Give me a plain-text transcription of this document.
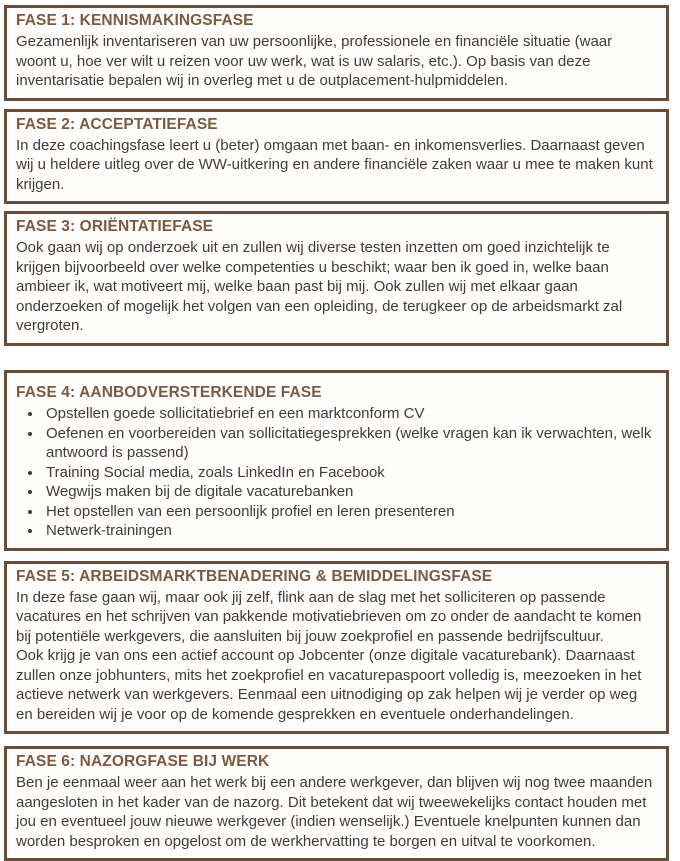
FASE 1: KENNISMAKINGSFASE

Gezamenlijk inventariseren van uw persoonlijke, professionele en financiële situatie (waar woont u, hoe ver wilt u reizen voor uw werk, wat is uw salaris, etc.). Op basis van deze inventarisatie bepalen wij in overleg met u de outplacement-hulpmiddelen.

FASE 2: ACCEPTATIEFASE

In deze coachingsfase leert u (beter) omgaan met baan- en inkomensverlies. Daarnaast geven wij u heldere uitleg over de WW-uitkering en andere financiële zaken waar u mee te maken kunt krijgen.

FASE 3: ORIËNTATIEFASE

Ook gaan wij op onderzoek uit en zullen wij diverse testen inzetten om goed inzichtelijk te krijgen bijvoorbeeld over welke competenties u beschikt; waar ben ik goed in, welke baan ambieer ik, wat motiveert mij, welke baan past bij mij. Ook zullen wij met elkaar gaan onderzoeken of mogelijk het volgen van een opleiding, de terugkeer op de arbeidsmarkt zal vergroten.

FASE 4: AANBODVERSTERKENDE FASE
• Opstellen goede sollicitatiebrief en een marktconform CV
• Oefenen en voorbereiden van sollicitatiegesprekken (welke vragen kan ik verwachten, welk antwoord is passend)
• Training Social media, zoals LinkedIn en Facebook
• Wegwijs maken bij de digitale vacaturebanken
• Het opstellen van een persoonlijk profiel en leren presenteren
• Netwerk-trainingen
FASE 5: ARBEIDSMARKTBENADERING & BEMIDDELINGSFASE

In deze fase gaan wij, maar ook jij zelf, flink aan de slag met het solliciteren op passende vacatures en het schrijven van pakkende motivatiebrieven om zo onder de aandacht te komen bij potentiële werkgevers, die aansluiten bij jouw zoekprofiel en passende bedrijfscultuur.

Ook krijg je van ons een actief account op Jobcenter (onze digitale vacaturebank). Daarnaast zullen onze jobhunters, mits het zoekprofiel en vacaturepaspoort volledig is, meezoeken in het actieve netwerk van werkgevers. Eenmaal een uitnodiging op zak helpen wij je verder op weg en bereiden wij je voor op de komende gesprekken en eventuele onderhandelingen.

FASE 6: NAZORGFASE BIJ WERK

Ben je eenmaal weer aan het werk bij een andere werkgever, dan blijven wij nog twee maanden aangesloten in het kader van de nazorg. Dit betekent dat wij tweewekelijks contact houden met jou en eventueel jouw nieuwe werkgever (indien wenselijk.) Eventuele knelpunten kunnen dan worden besproken en opgelost om de werkhervatting te borgen en uitval te voorkomen.
